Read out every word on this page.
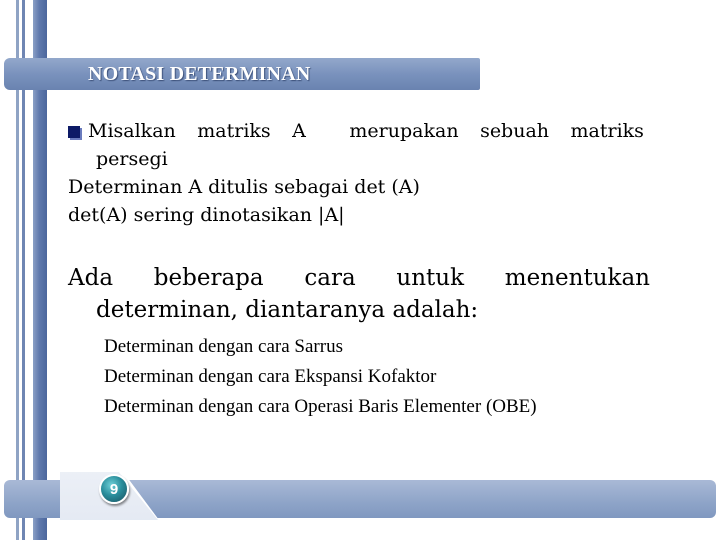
NOTASI DETERMINAN
Misalkan matriks A merupakan sebuah matriks
persegi
Determinan A ditulis sebagai det (A)
det(A) sering dinotasikan |A|
Ada beberapa cara untuk menentukan
determinan, diantaranya adalah:
Determinan dengan cara Sarrus
Determinan dengan cara Ekspansi Kofaktor
Determinan dengan cara Operasi Baris Elementer (OBE)
9
